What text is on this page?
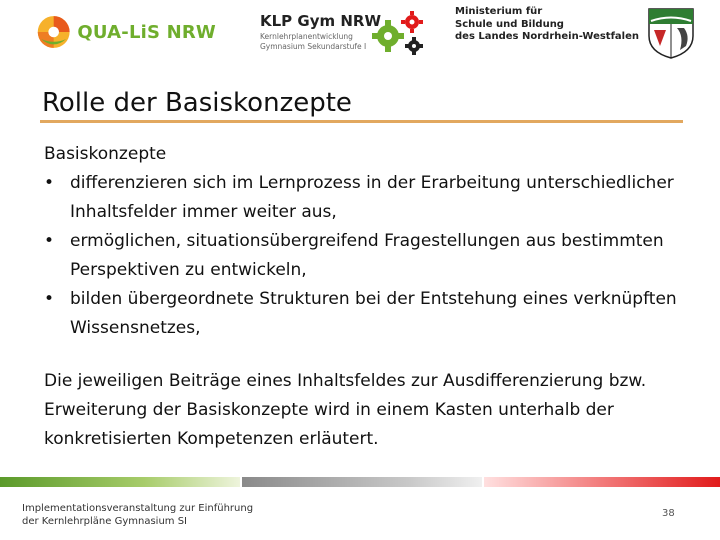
QUA-LiS NRW
KLP Gym NRW
Kernlehrplanentwicklung
Gymnasium Sekundarstufe I
Ministerium für
Schule und Bildung
des Landes Nordrhein-Westfalen
Rolle der Basiskonzepte
Basiskonzepte
• differenzieren sich im Lernprozess in der Erarbeitung unterschiedlicher Inhaltsfelder immer weiter aus,
• ermöglichen, situationsübergreifend Fragestellungen aus bestimmten Perspektiven zu entwickeln,
• bilden übergeordnete Strukturen bei der Entstehung eines verknüpften Wissensnetzes,
Die jeweiligen Beiträge eines Inhaltsfeldes zur Ausdifferenzierung bzw. Erweiterung der Basiskonzepte wird in einem Kasten unterhalb der konkretisierten Kompetenzen erläutert.
Implementationsveranstaltung zur Einführung
der Kernlehrpläne Gymnasium SI
38
